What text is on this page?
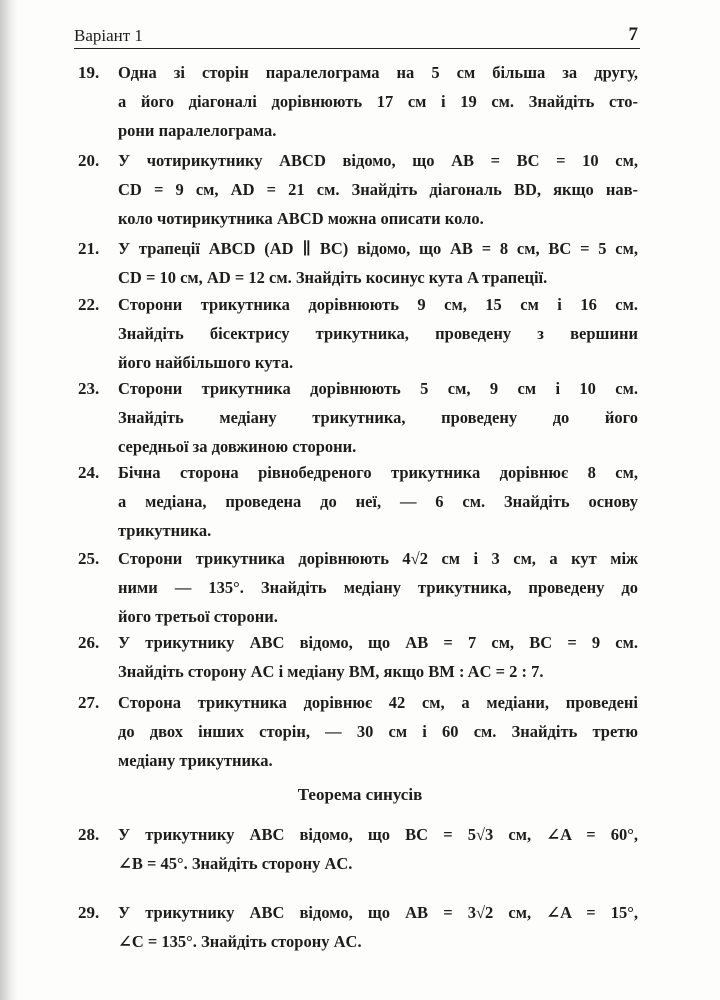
Варіант 1	7
19. Одна зі сторін паралелограма на 5 см більша за другу,
а його діагоналі дорівнюють 17 см і 19 см. Знайдіть сто-
рони паралелограма.
20. У чотирикутнику ABCD відомо, що AB = BC = 10 см,
CD = 9 см, AD = 21 см. Знайдіть діагональ BD, якщо нав-
коло чотирикутника ABCD можна описати коло.
21. У трапеції ABCD (AD ∥ BC) відомо, що AB = 8 см, BC = 5 см,
CD = 10 см, AD = 12 см. Знайдіть косинус кута A трапеції.
22. Сторони трикутника дорівнюють 9 см, 15 см і 16 см.
Знайдіть бісектрису трикутника, проведену з вершини
його найбільшого кута.
23. Сторони трикутника дорівнюють 5 см, 9 см і 10 см.
Знайдіть медіану трикутника, проведену до його
середньої за довжиною сторони.
24. Бічна сторона рівнобедреного трикутника дорівнює 8 см,
а медіана, проведена до неї, — 6 см. Знайдіть основу
трикутника.
25. Сторони трикутника дорівнюють 4√2 см і 3 см, а кут між
ними — 135°. Знайдіть медіану трикутника, проведену до
його третьої сторони.
26. У трикутнику ABC відомо, що AB = 7 см, BC = 9 см.
Знайдіть сторону AC і медіану BM, якщо BM : AC = 2 : 7.
27. Сторона трикутника дорівнює 42 см, а медіани, проведені
до двох інших сторін, — 30 см і 60 см. Знайдіть третю
медіану трикутника.
28. У трикутнику ABC відомо, що BC = 5√3 см, ∠A = 60°,
∠B = 45°. Знайдіть сторону AC.
29. У трикутнику ABC відомо, що AB = 3√2 см, ∠A = 15°,
∠C = 135°. Знайдіть сторону AC.
Теорема синусів
